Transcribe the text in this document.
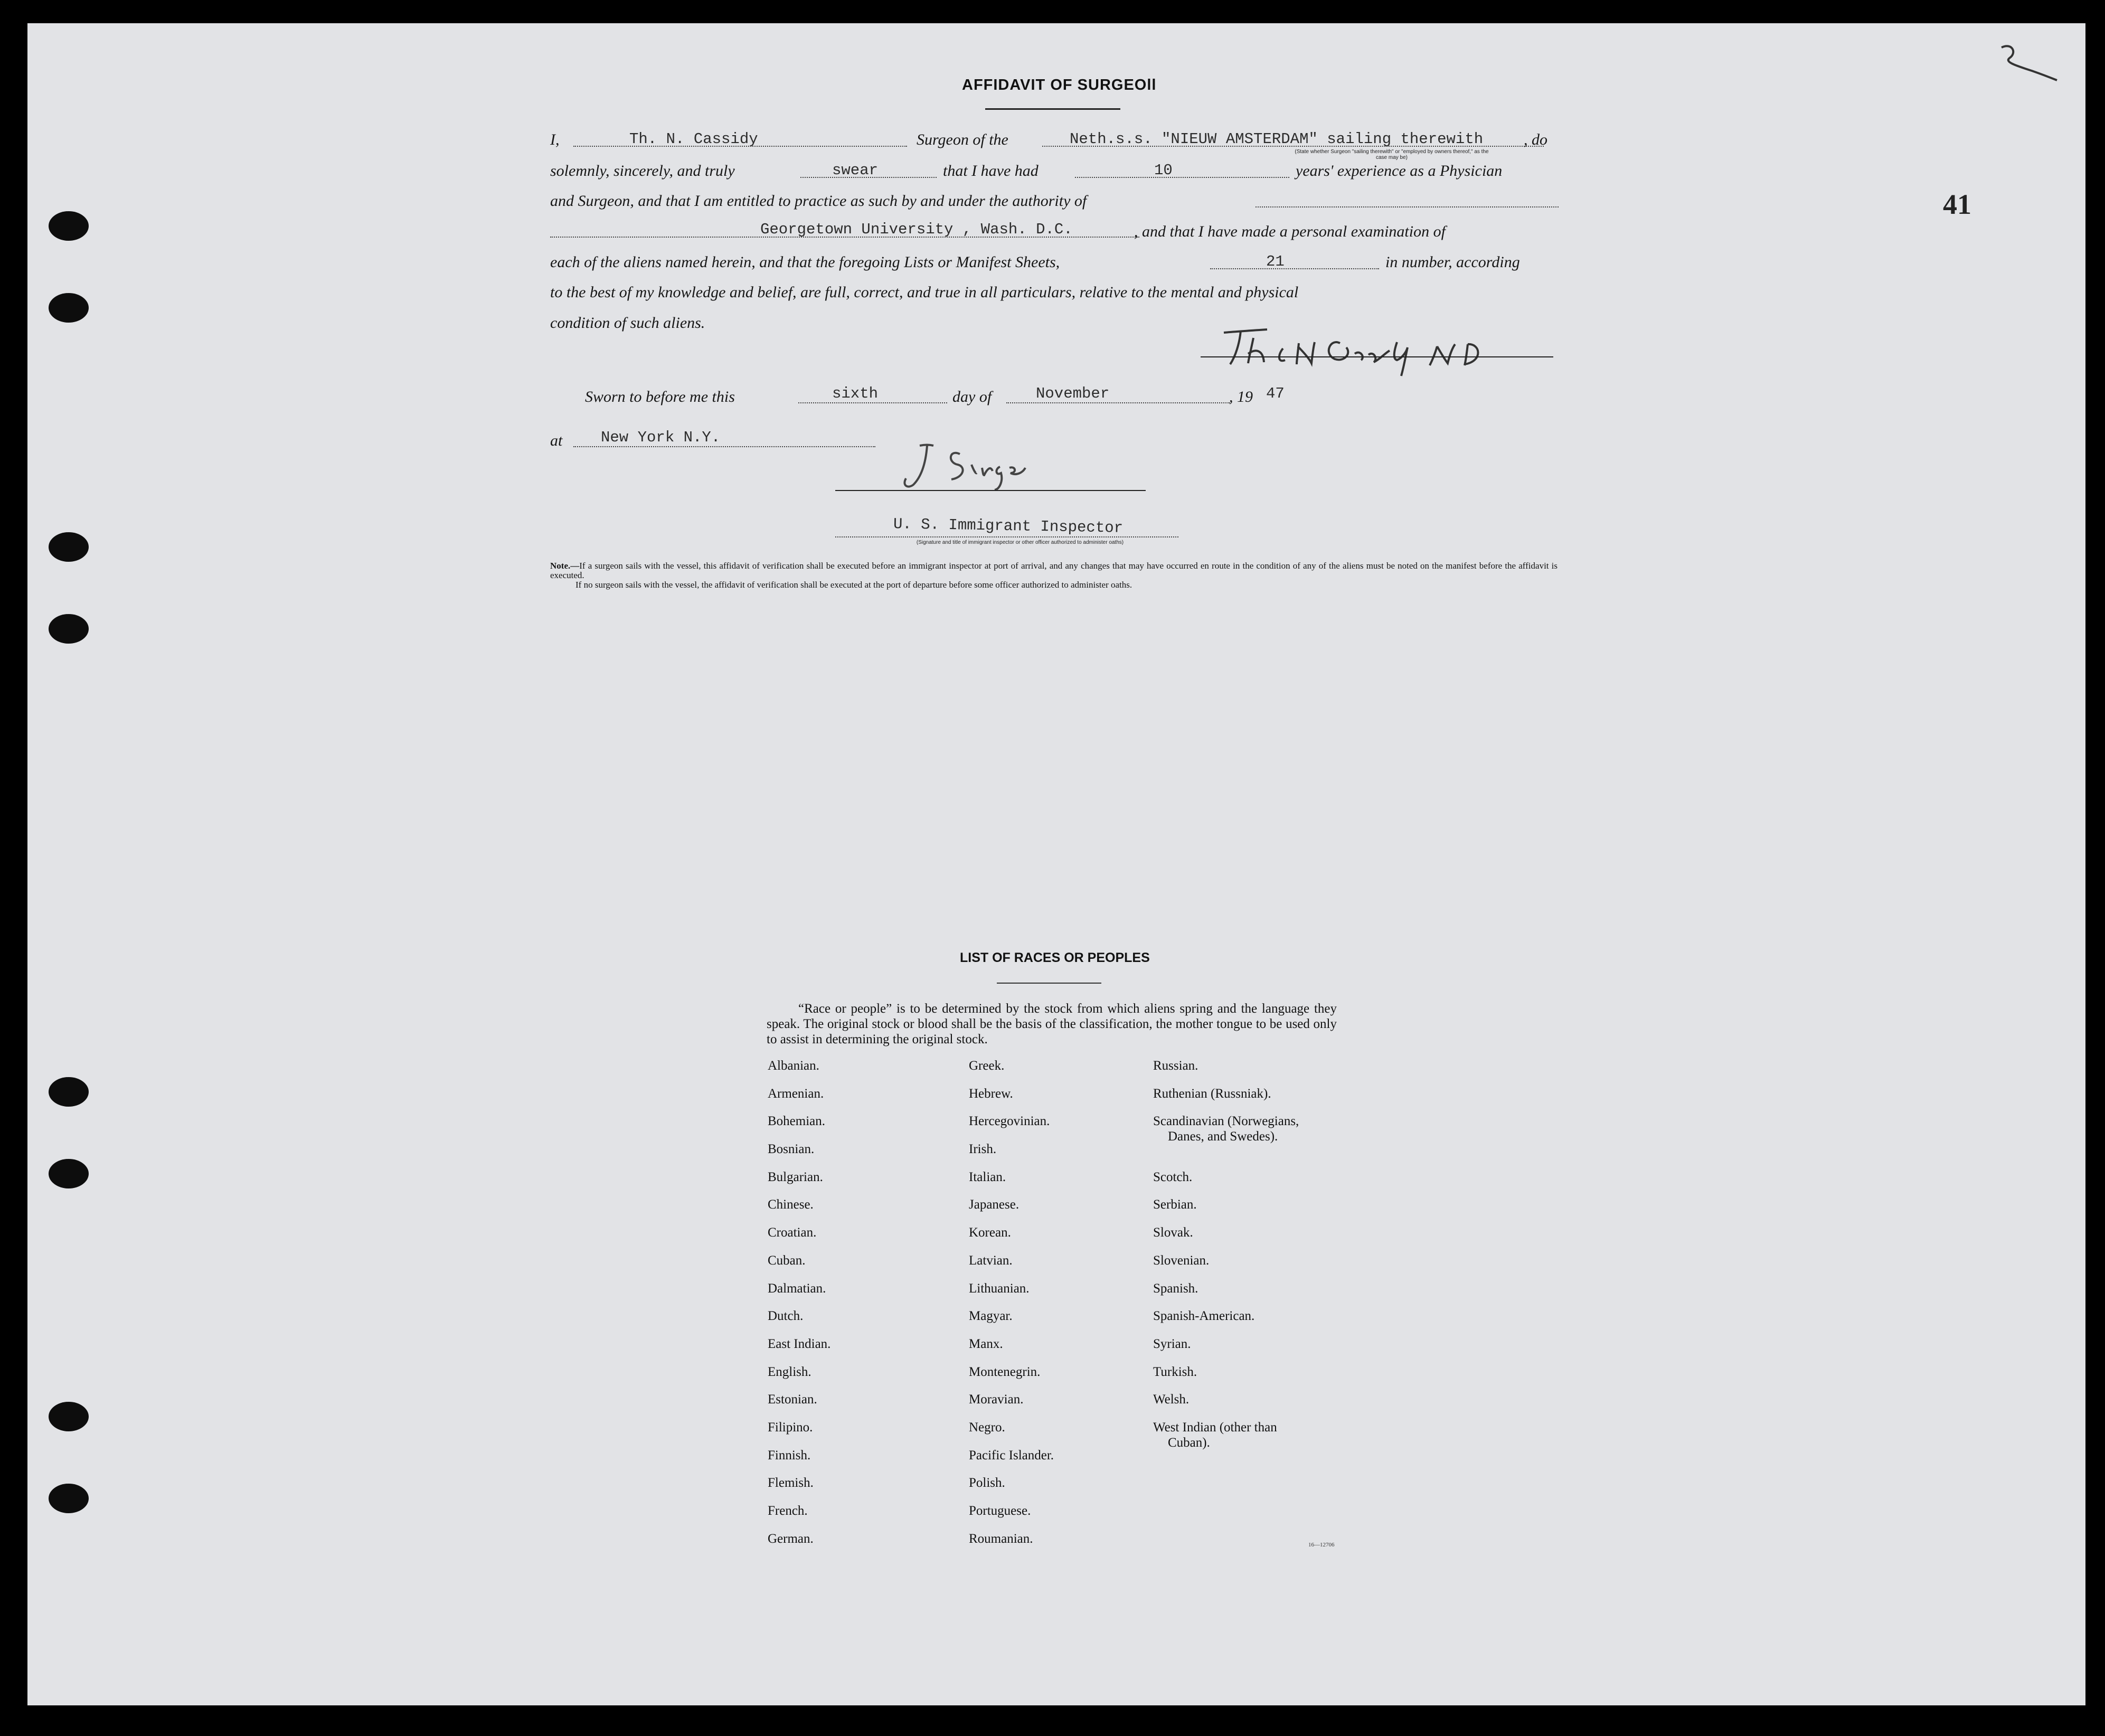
41
AFFIDAVIT OF SURGEOll
I,	Th. N. Cassidy	Surgeon of the	Neth.s.s. "NIEUW AMSTERDAM" sailing therewith	, do
(State whether Surgeon "sailing therewith" or "employed by owners thereof," as the case may be)
solemnly, sincerely, and truly	swear	that I have had	10	years' experience as a Physician
and Surgeon, and that I am entitled to practice as such by and under the authority of
Georgetown University , Wash. D.C.	, and that I have made a personal examination of
each of the aliens named herein, and that the foregoing Lists or Manifest Sheets,	21	in number, according
to the best of my knowledge and belief, are full, correct, and true in all particulars, relative to the mental and physical
condition of such aliens.
Sworn to before me this	sixth	day of	November	, 19 47
at	New York N.Y.
U. S. Immigrant Inspector
(Signature and title of immigrant inspector or other officer authorized to administer oaths)
Note.—If a surgeon sails with the vessel, this affidavit of verification shall be executed before an immigrant inspector at port of arrival, and any changes that may have occurred en route in the condition of any of the aliens must be noted on the manifest before the affidavit is executed.
If no surgeon sails with the vessel, the affidavit of verification shall be executed at the port of departure before some officer authorized to administer oaths.
LIST OF RACES OR PEOPLES

“Race or people” is to be determined by the stock from which aliens spring and the language they speak. The original stock or blood shall be the basis of the classification, the mother tongue to be used only to assist in determining the original stock.

Albanian.
Armenian.
Bohemian.
Bosnian.
Bulgarian.
Chinese.
Croatian.
Cuban.
Dalmatian.
Dutch.
East Indian.
English.
Estonian.
Filipino.
Finnish.
Flemish.
French.
German.
Greek.
Hebrew.
Hercegovinian.
Irish.
Italian.
Japanese.
Korean.
Latvian.
Lithuanian.
Magyar.
Manx.
Montenegrin.
Moravian.
Negro.
Pacific Islander.
Polish.
Portuguese.
Roumanian.
Russian.
Ruthenian (Russniak).
Scandinavian (Norwegians,
Danes, and Swedes).
Scotch.
Serbian.
Slovak.
Slovenian.
Spanish.
Spanish-American.
Syrian.
Turkish.
Welsh.
West Indian (other than
Cuban).
16—12706
